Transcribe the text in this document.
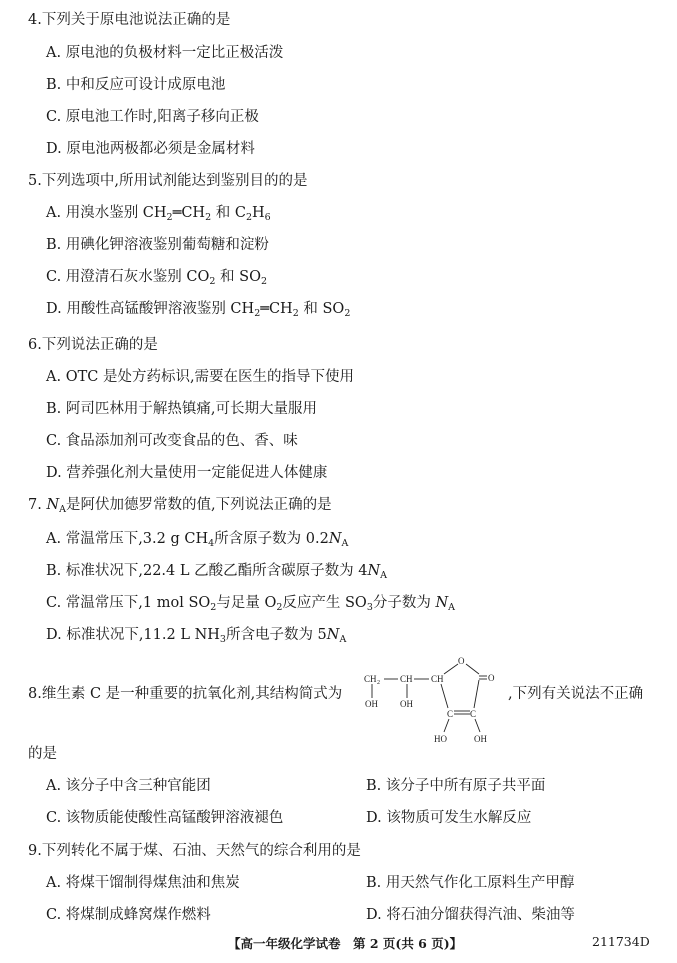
4.下列关于原电池说法正确的是
A. 原电池的负极材料一定比正极活泼
B. 中和反应可设计成原电池
C. 原电池工作时,阳离子移向正极
D. 原电池两极都必须是金属材料
5.下列选项中,所用试剂能达到鉴别目的的是
A. 用溴水鉴别 $CH_2═CH_2$ 和 $C_2H_6$
B. 用碘化钾溶液鉴别葡萄糖和淀粉
C. 用澄清石灰水鉴别 $CO_2$ 和 $SO_2$
D. 用酸性高锰酸钾溶液鉴别 $CH_2═CH_2$ 和 $SO_2$
6.下列说法正确的是
A. OTC 是处方药标识,需要在医生的指导下使用
B. 阿司匹林用于解热镇痛,可长期大量服用
C. 食品添加剂可改变食品的色、香、味
D. 营养强化剂大量使用一定能促进人体健康
7. $N_A$是阿伏加德罗常数的值,下列说法正确的是
A. 常温常压下,3.2 g $CH_4$所含原子数为 $0.2N_A$
B. 标准状况下,22.4 L 乙酸乙酯所含碳原子数为 $4N_A$
C. 常温常压下,1 mol $SO_2$与足量 $O_2$反应产生 $SO_3$分子数为 $N_A$
D. 标准状况下,11.2 L $NH_3$所含电子数为 $5N_A$
8.维生素 C 是一种重要的抗氧化剂,其结构简式为
CH 2 CH CH
OH OH
O
O
C C
HO	OH
,下列有关说法不正确
的是
A. 该分子中含三种官能团	B. 该分子中所有原子共平面
C. 该物质能使酸性高锰酸钾溶液褪色	D. 该物质可发生水解反应
9.下列转化不属于煤、石油、天然气的综合利用的是
A. 将煤干馏制得煤焦油和焦炭	B. 用天然气作化工原料生产甲醇
C. 将煤制成蜂窝煤作燃料	D. 将石油分馏获得汽油、柴油等
【高一年级化学试卷　第 2 页(共 6 页)】	211734D
